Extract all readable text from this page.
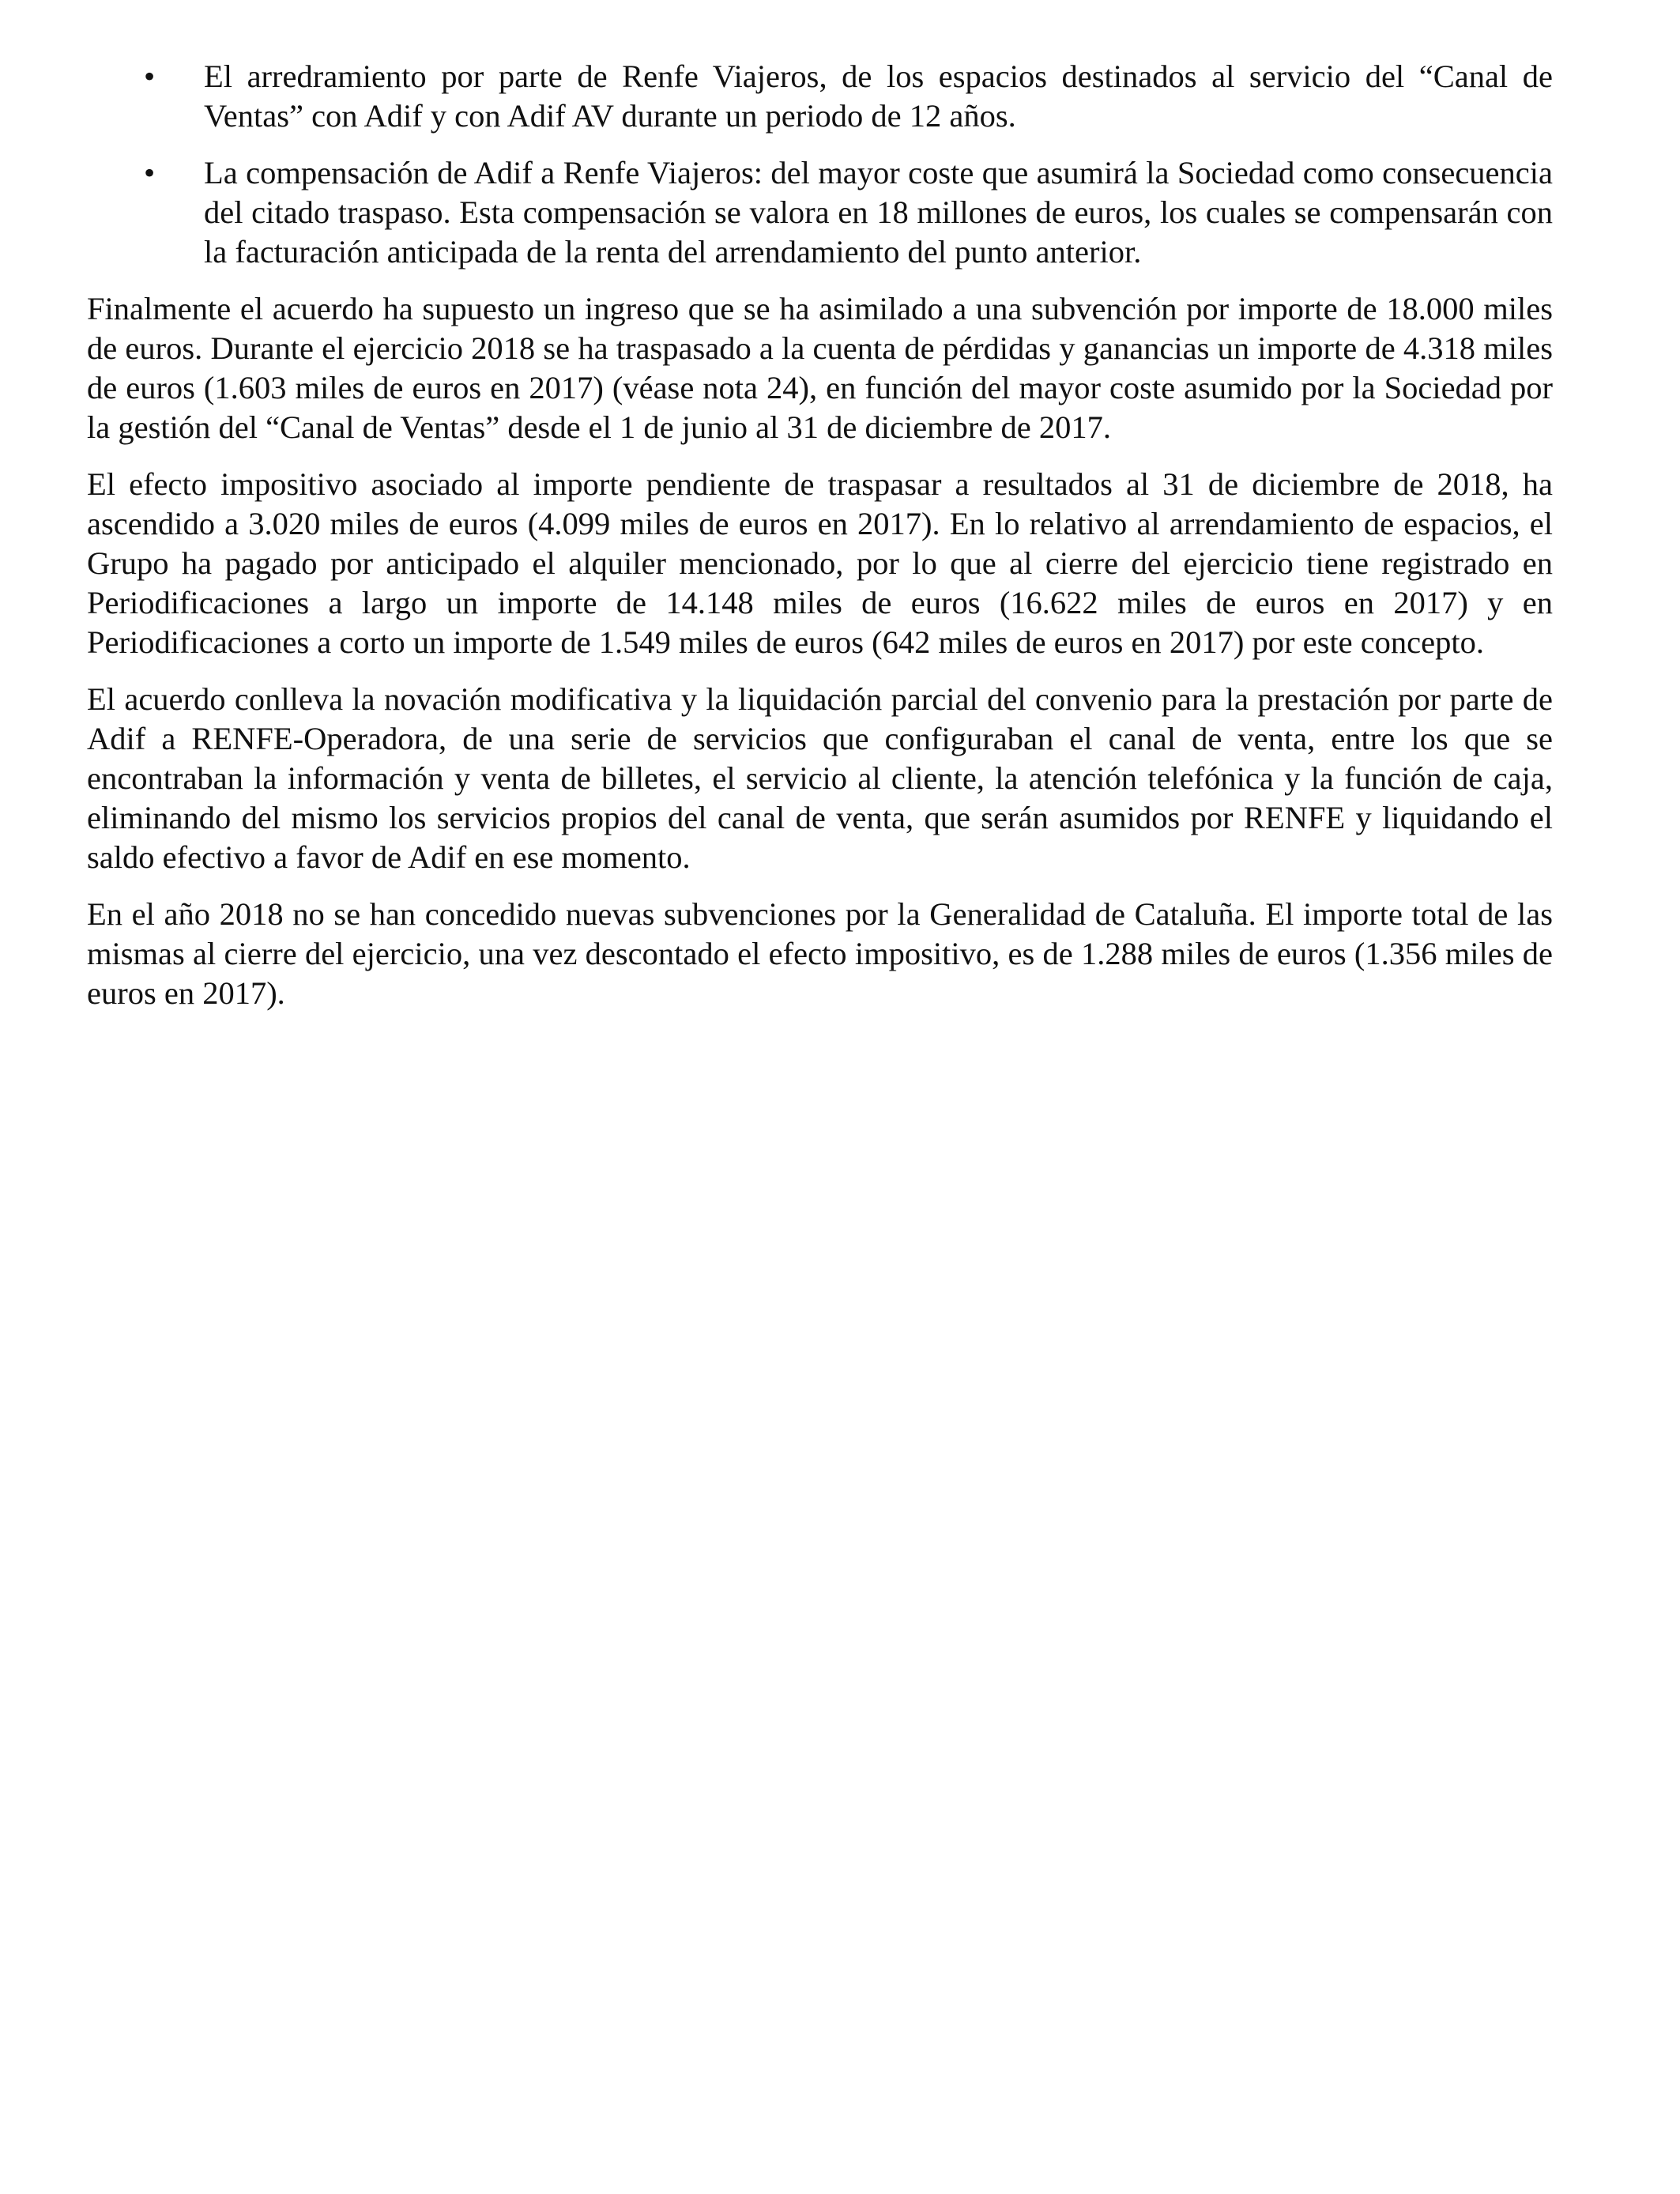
• El arredramiento por parte de Renfe Viajeros, de los espacios destinados al servicio del “Canal de Ventas” con Adif y con Adif AV durante un periodo de 12 años.

• La compensación de Adif a Renfe Viajeros: del mayor coste que asumirá la Sociedad como consecuencia del citado traspaso. Esta compensación se valora en 18 millones de euros, los cuales se compensarán con la facturación anticipada de la renta del arrendamiento del punto anterior.

Finalmente el acuerdo ha supuesto un ingreso que se ha asimilado a una subvención por importe de 18.000 miles de euros. Durante el ejercicio 2018 se ha traspasado a la cuenta de pérdidas y ganancias un importe de 4.318 miles de euros (1.603 miles de euros en 2017) (véase nota 24), en función del mayor coste asumido por la Sociedad por la gestión del “Canal de Ventas” desde el 1 de junio al 31 de diciembre de 2017.

El efecto impositivo asociado al importe pendiente de traspasar a resultados al 31 de diciembre de 2018, ha ascendido a 3.020 miles de euros (4.099 miles de euros en 2017). En lo relativo al arrendamiento de espacios, el Grupo ha pagado por anticipado el alquiler mencionado, por lo que al cierre del ejercicio tiene registrado en Periodificaciones a largo un importe de 14.148 miles de euros (16.622 miles de euros en 2017) y en Periodificaciones a corto un importe de 1.549 miles de euros (642 miles de euros en 2017) por este concepto.

El acuerdo conlleva la novación modificativa y la liquidación parcial del convenio para la prestación por parte de Adif a RENFE-Operadora, de una serie de servicios que configuraban el canal de venta, entre los que se encontraban la información y venta de billetes, el servicio al cliente, la atención telefónica y la función de caja, eliminando del mismo los servicios propios del canal de venta, que serán asumidos por RENFE y liquidando el saldo efectivo a favor de Adif en ese momento.

En el año 2018 no se han concedido nuevas subvenciones por la Generalidad de Cataluña. El importe total de las mismas al cierre del ejercicio, una vez descontado el efecto impositivo, es de 1.288 miles de euros (1.356 miles de euros en 2017).
